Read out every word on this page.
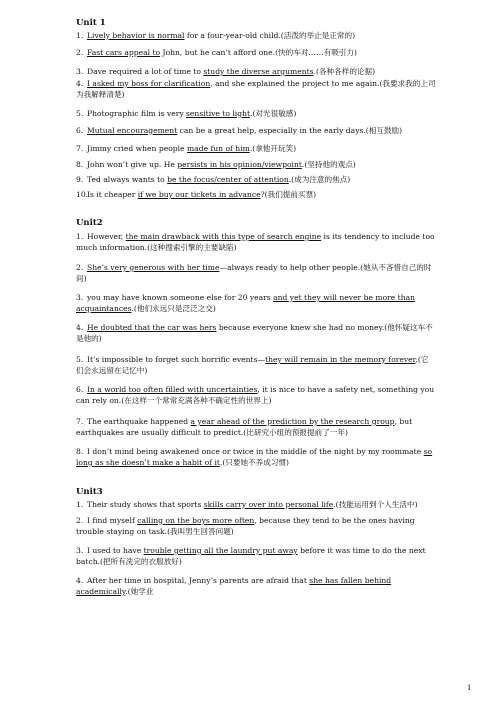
Unit 1
1. Lively behavior is normal for a four-year-old child.(活泼的举止是正常的)
2. Fast cars appeal to John, but he can’t afford one.(快的车对……有吸引力)
3. Dave required a lot of time to study the diverse arguments.(各种各样的论据)
4. I asked my boss for clarification, and she explained the project to me again.(我要求我的上司为我解释清楚)
5. Photographic film is very sensitive to light.(对光很敏感)
6. Mutual encouragement can be a great help, especially in the early days.(相互鼓励)
7. Jimmy cried when people made fun of him.(拿他开玩笑)
8. John won’t give up. He persists in his opinion/viewpoint.(坚持他的观点)
9. Ted always wants to be the focus/center of attention.(成为注意的焦点)
10.Is it cheaper if we buy our tickets in advance?(我们提前买票)
Unit2
1. However, the main drawback with this type of search engine is its tendency to include too much information.(这种搜索引擎的主要缺陷)
2. She’s very generous with her time—always ready to help other people.(她从不吝惜自己的时间)
3. you may have known someone else for 20 years and yet they will never be more than acquaintances.(他们永远只是泛泛之交)
4. He doubted that the car was hers because everyone knew she had no money.(他怀疑这车不是他的)
5. It’s impossible to forget such horrific events—they will remain in the memory forever.(它们会永远留在记忆中)
6. In a world too often filled with uncertainties, it is nice to have a safety net, something you can rely on.(在这样一个常常充满各种不确定性的世界上)
7. The earthquake happened a year ahead of the prediction by the research group, but earthquakes are usually difficult to predict.(比研究小组的预报提前了一年)
8. I don’t mind being awakened once or twice in the middle of the night by my roommate so long as she doesn’t make a habit of it.(只要她不养成习惯)
Unit3
1. Their study shows that sports skills carry over into personal life.(技能运用到个人生活中)
2. I find myself calling on the boys more often, because they tend to be the ones having trouble staying on task.(我叫男生回答问题)
3. I used to have trouble getting all the laundry put away before it was time to do the next batch.(把所有洗完的衣服放好)
4. After her time in hospital, Jenny’s parents are afraid that she has fallen behind academically.(她学业
1
